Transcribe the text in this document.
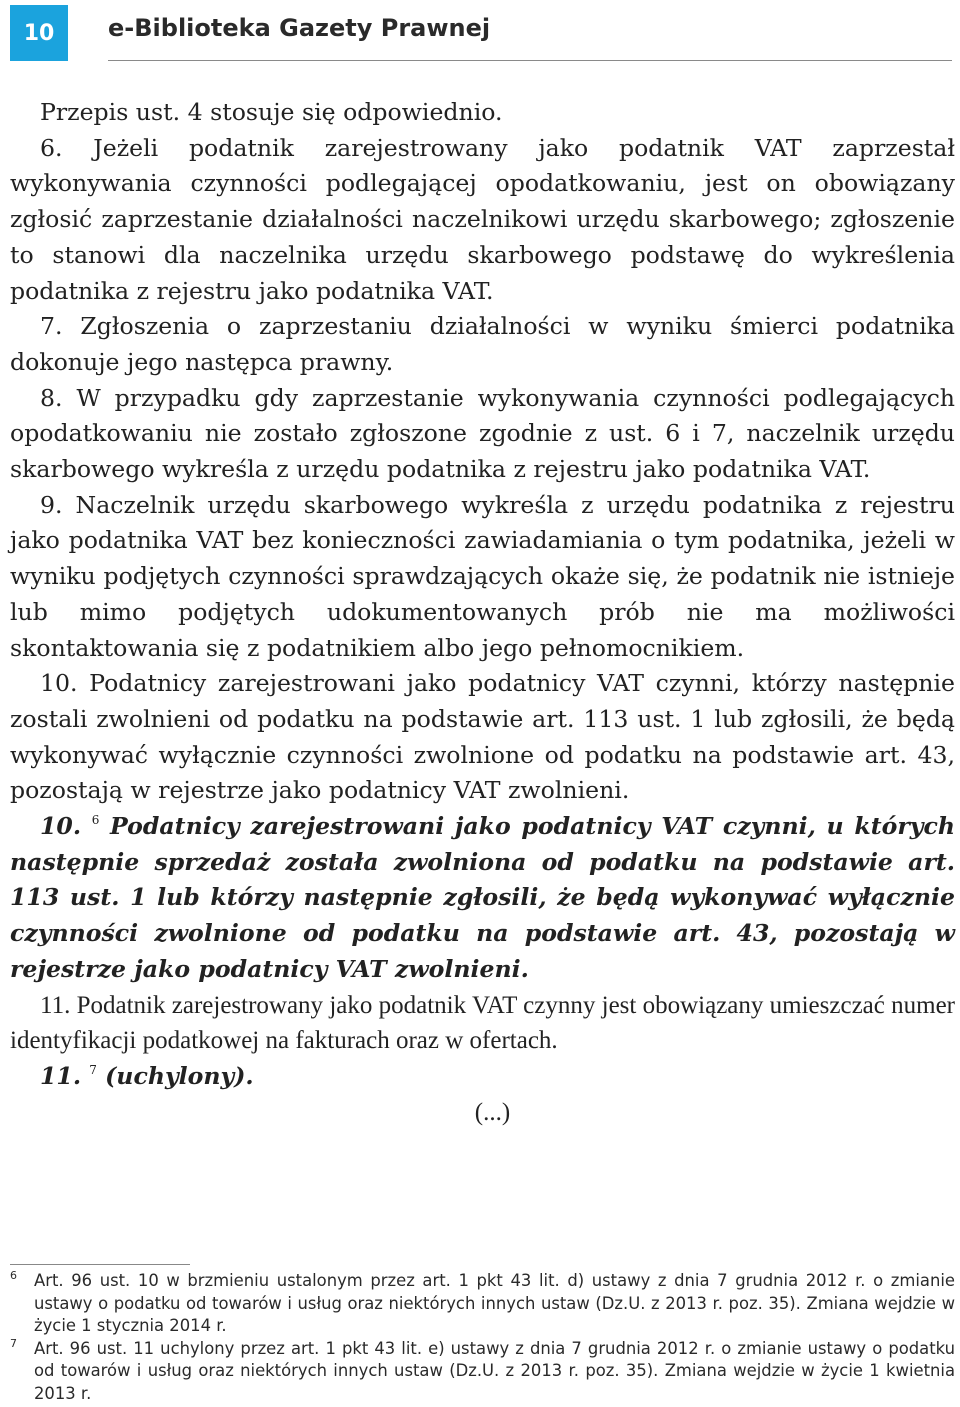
10	e-Biblioteka Gazety Prawnej

Przepis ust. 4 stosuje się odpowiednio.

6. Jeżeli podatnik zarejestrowany jako podatnik VAT zaprzestał wykonywania czynności podlegającej opodatkowaniu, jest on obowiązany zgłosić zaprzestanie działalności naczelnikowi urzędu skarbowego; zgłoszenie to stanowi dla naczelnika urzędu skarbowego podstawę do wykreślenia podatnika z rejestru jako podatnika VAT.

7. Zgłoszenia o zaprzestaniu działalności w wyniku śmierci podatnika dokonuje jego następca prawny.

8. W przypadku gdy zaprzestanie wykonywania czynności podlegających opodatkowaniu nie zostało zgłoszone zgodnie z ust. 6 i 7, naczelnik urzędu skarbowego wykreśla z urzędu podatnika z rejestru jako podatnika VAT.

9. Naczelnik urzędu skarbowego wykreśla z urzędu podatnika z rejestru jako podatnika VAT bez konieczności zawiadamiania o tym podatnika, jeżeli w wyniku podjętych czynności sprawdzających okaże się, że podatnik nie istnieje lub mimo podjętych udokumentowanych prób nie ma możliwości skontaktowania się z podatnikiem albo jego pełnomocnikiem.

10. Podatnicy zarejestrowani jako podatnicy VAT czynni, którzy następnie zostali zwolnieni od podatku na podstawie art. 113 ust. 1 lub zgłosili, że będą wykonywać wyłącznie czynności zwolnione od podatku na podstawie art. 43, pozostają w rejestrze jako podatnicy VAT zwolnieni.

10. $^6$ Podatnicy zarejestrowani jako podatnicy VAT czynni, u których następnie sprzedaż została zwolniona od podatku na podstawie art. 113 ust. 1 lub którzy następnie zgłosili, że będą wykonywać wyłącznie czynności zwolnione od podatku na podstawie art. 43, pozostają w rejestrze jako podatnicy VAT zwolnieni.

11. Podatnik zarejestrowany jako podatnik VAT czynny jest obowiązany umieszczać numer identyfikacji podatkowej na fakturach oraz w ofertach.

11. $^7$ (uchylony).

(...)

6 Art. 96 ust. 10 w brzmieniu ustalonym przez art. 1 pkt 43 lit. d) ustawy z dnia 7 grudnia 2012 r. o zmianie ustawy o podatku od towarów i usług oraz niektórych innych ustaw (Dz.U. z 2013 r. poz. 35). Zmiana wejdzie w życie 1 stycznia 2014 r.
7 Art. 96 ust. 11 uchylony przez art. 1 pkt 43 lit. e) ustawy z dnia 7 grudnia 2012 r. o zmianie ustawy o podatku od towarów i usług oraz niektórych innych ustaw (Dz.U. z 2013 r. poz. 35). Zmiana wejdzie w życie 1 kwietnia 2013 r.
